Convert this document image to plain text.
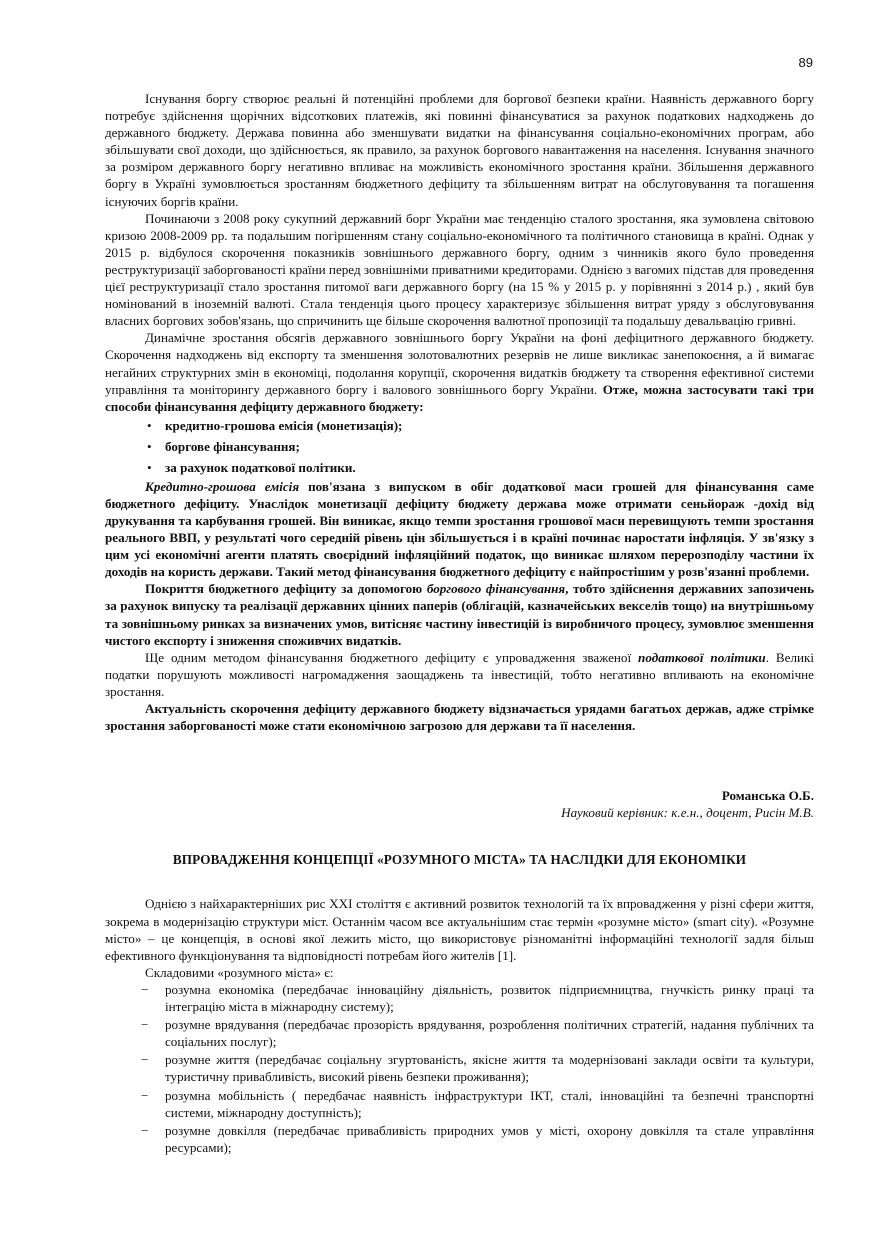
89

Існування боргу створює реальні й потенційні проблеми для боргової безпеки країни. Наявність державного боргу потребує здійснення щорічних відсоткових платежів, які повинні фінансуватися за рахунок податкових надходжень до державного бюджету. Держава повинна або зменшувати видатки на фінансування соціально-економічних програм, або збільшувати свої доходи, що здійснюється, як правило, за рахунок боргового навантаження на населення. Існування значного за розміром державного боргу негативно впливає на можливість економічного зростання країни. Збільшення державного боргу в Україні зумовлюється зростанням бюджетного дефіциту та збільшенням витрат на обслуговування та погашення існуючих боргів країни.

Починаючи з 2008 року сукупний державний борг України має тенденцію сталого зростання, яка зумовлена світовою кризою 2008-2009 рр. та подальшим погіршенням стану соціально-економічного та політичного становища в країні. Однак у 2015 р. відбулося скорочення показників зовнішнього державного боргу, одним з чинників якого було проведення реструктуризації заборгованості країни перед зовнішніми приватними кредиторами. Однією з вагомих підстав для проведення цієї реструктуризації стало зростання питомої ваги державного боргу (на 15 % у 2015 р. у порівнянні з 2014 р.) , який був номінований в іноземній валюті. Стала тенденція цього процесу характеризує збільшення витрат уряду з обслуговування власних боргових зобов'язань, що спричинить ще більше скорочення валютної пропозиції та подальшу девальвацію гривні.

Динамічне зростання обсягів державного зовнішнього боргу України на фоні дефіцитного державного бюджету. Скорочення надходжень від експорту та зменшення золотовалютних резервів не лише викликає занепокоєння, а й вимагає негайних структурних змін в економіці, подолання корупції, скорочення видатків бюджету та створення ефективної системи управління та моніторингу державного боргу і валового зовнішнього боргу України. Отже, можна застосувати такі три способи фінансування дефіциту державного бюджету:

• кредитно-грошова емісія (монетизація);
• боргове фінансування;
• за рахунок податкової політики.

Кредитно-грошова емісія пов'язана з випуском в обіг додаткової маси грошей для фінансування саме бюджетного дефіциту. Унаслідок монетизації дефіциту бюджету держава може отримати сеньйораж -дохід від друкування та карбування грошей. Він виникає, якщо темпи зростання грошової маси перевищують темпи зростання реального ВВП, у результаті чого середній рівень цін збільшується і в країні починає наростати інфляція. У зв'язку з цим усі економічні агенти платять своєрідний інфляційний податок, що виникає шляхом перерозподілу частини їх доходів на користь держави. Такий метод фінансування бюджетного дефіциту є найпростішим у розв'язанні проблеми.

Покриття бюджетного дефіциту за допомогою боргового фінансування, тобто здійснення державних запозичень за рахунок випуску та реалізації державних цінних паперів (облігацій, казначейських векселів тощо) на внутрішньому та зовнішньому ринках за визначених умов, витісняє частину інвестицій із виробничого процесу, зумовлює зменшення чистого експорту і зниження споживчих видатків.

Ще одним методом фінансування бюджетного дефіциту є упровадження зваженої податкової політики. Великі податки порушують можливості нагромадження заощаджень та інвестицій, тобто негативно впливають на економічне зростання.

Актуальність скорочення дефіциту державного бюджету відзначається урядами багатьох держав, адже стрімке зростання заборгованості може стати економічною загрозою для держави та її населення.

Романська О.Б.
Науковий керівник: к.е.н., доцент, Рисін М.В.
ВПРОВАДЖЕННЯ КОНЦЕПЦІЇ «РОЗУМНОГО МІСТА» ТА НАСЛІДКИ ДЛЯ ЕКОНОМІКИ

Однією з найхарактерніших рис XXI століття є активний розвиток технологій та їх впровадження у різні сфери життя, зокрема в модернізацію структури міст. Останнім часом все актуальнішим стає термін «розумне місто» (smart city). «Розумне місто» – це концепція, в основі якої лежить місто, що використовує різноманітні інформаційні технології задля більш ефективного функціонування та відповідності потребам його жителів [1].

Складовими «розумного міста» є:

− розумна економіка (передбачає інноваційну діяльність, розвиток підприємництва, гнучкість ринку праці та інтеграцію міста в міжнародну систему);
− розумне врядування (передбачає прозорість врядування, розроблення політичних стратегій, надання публічних та соціальних послуг);
− розумне життя (передбачає соціальну згуртованість, якісне життя та модернізовані заклади освіти та культури, туристичну привабливість, високий рівень безпеки проживання);
− розумна мобільність ( передбачає наявність інфраструктури ІКТ, сталі, інноваційні та безпечні транспортні системи, міжнародну доступність);
− розумне довкілля (передбачає привабливість природних умов у місті, охорону довкілля та стале управління ресурсами);
